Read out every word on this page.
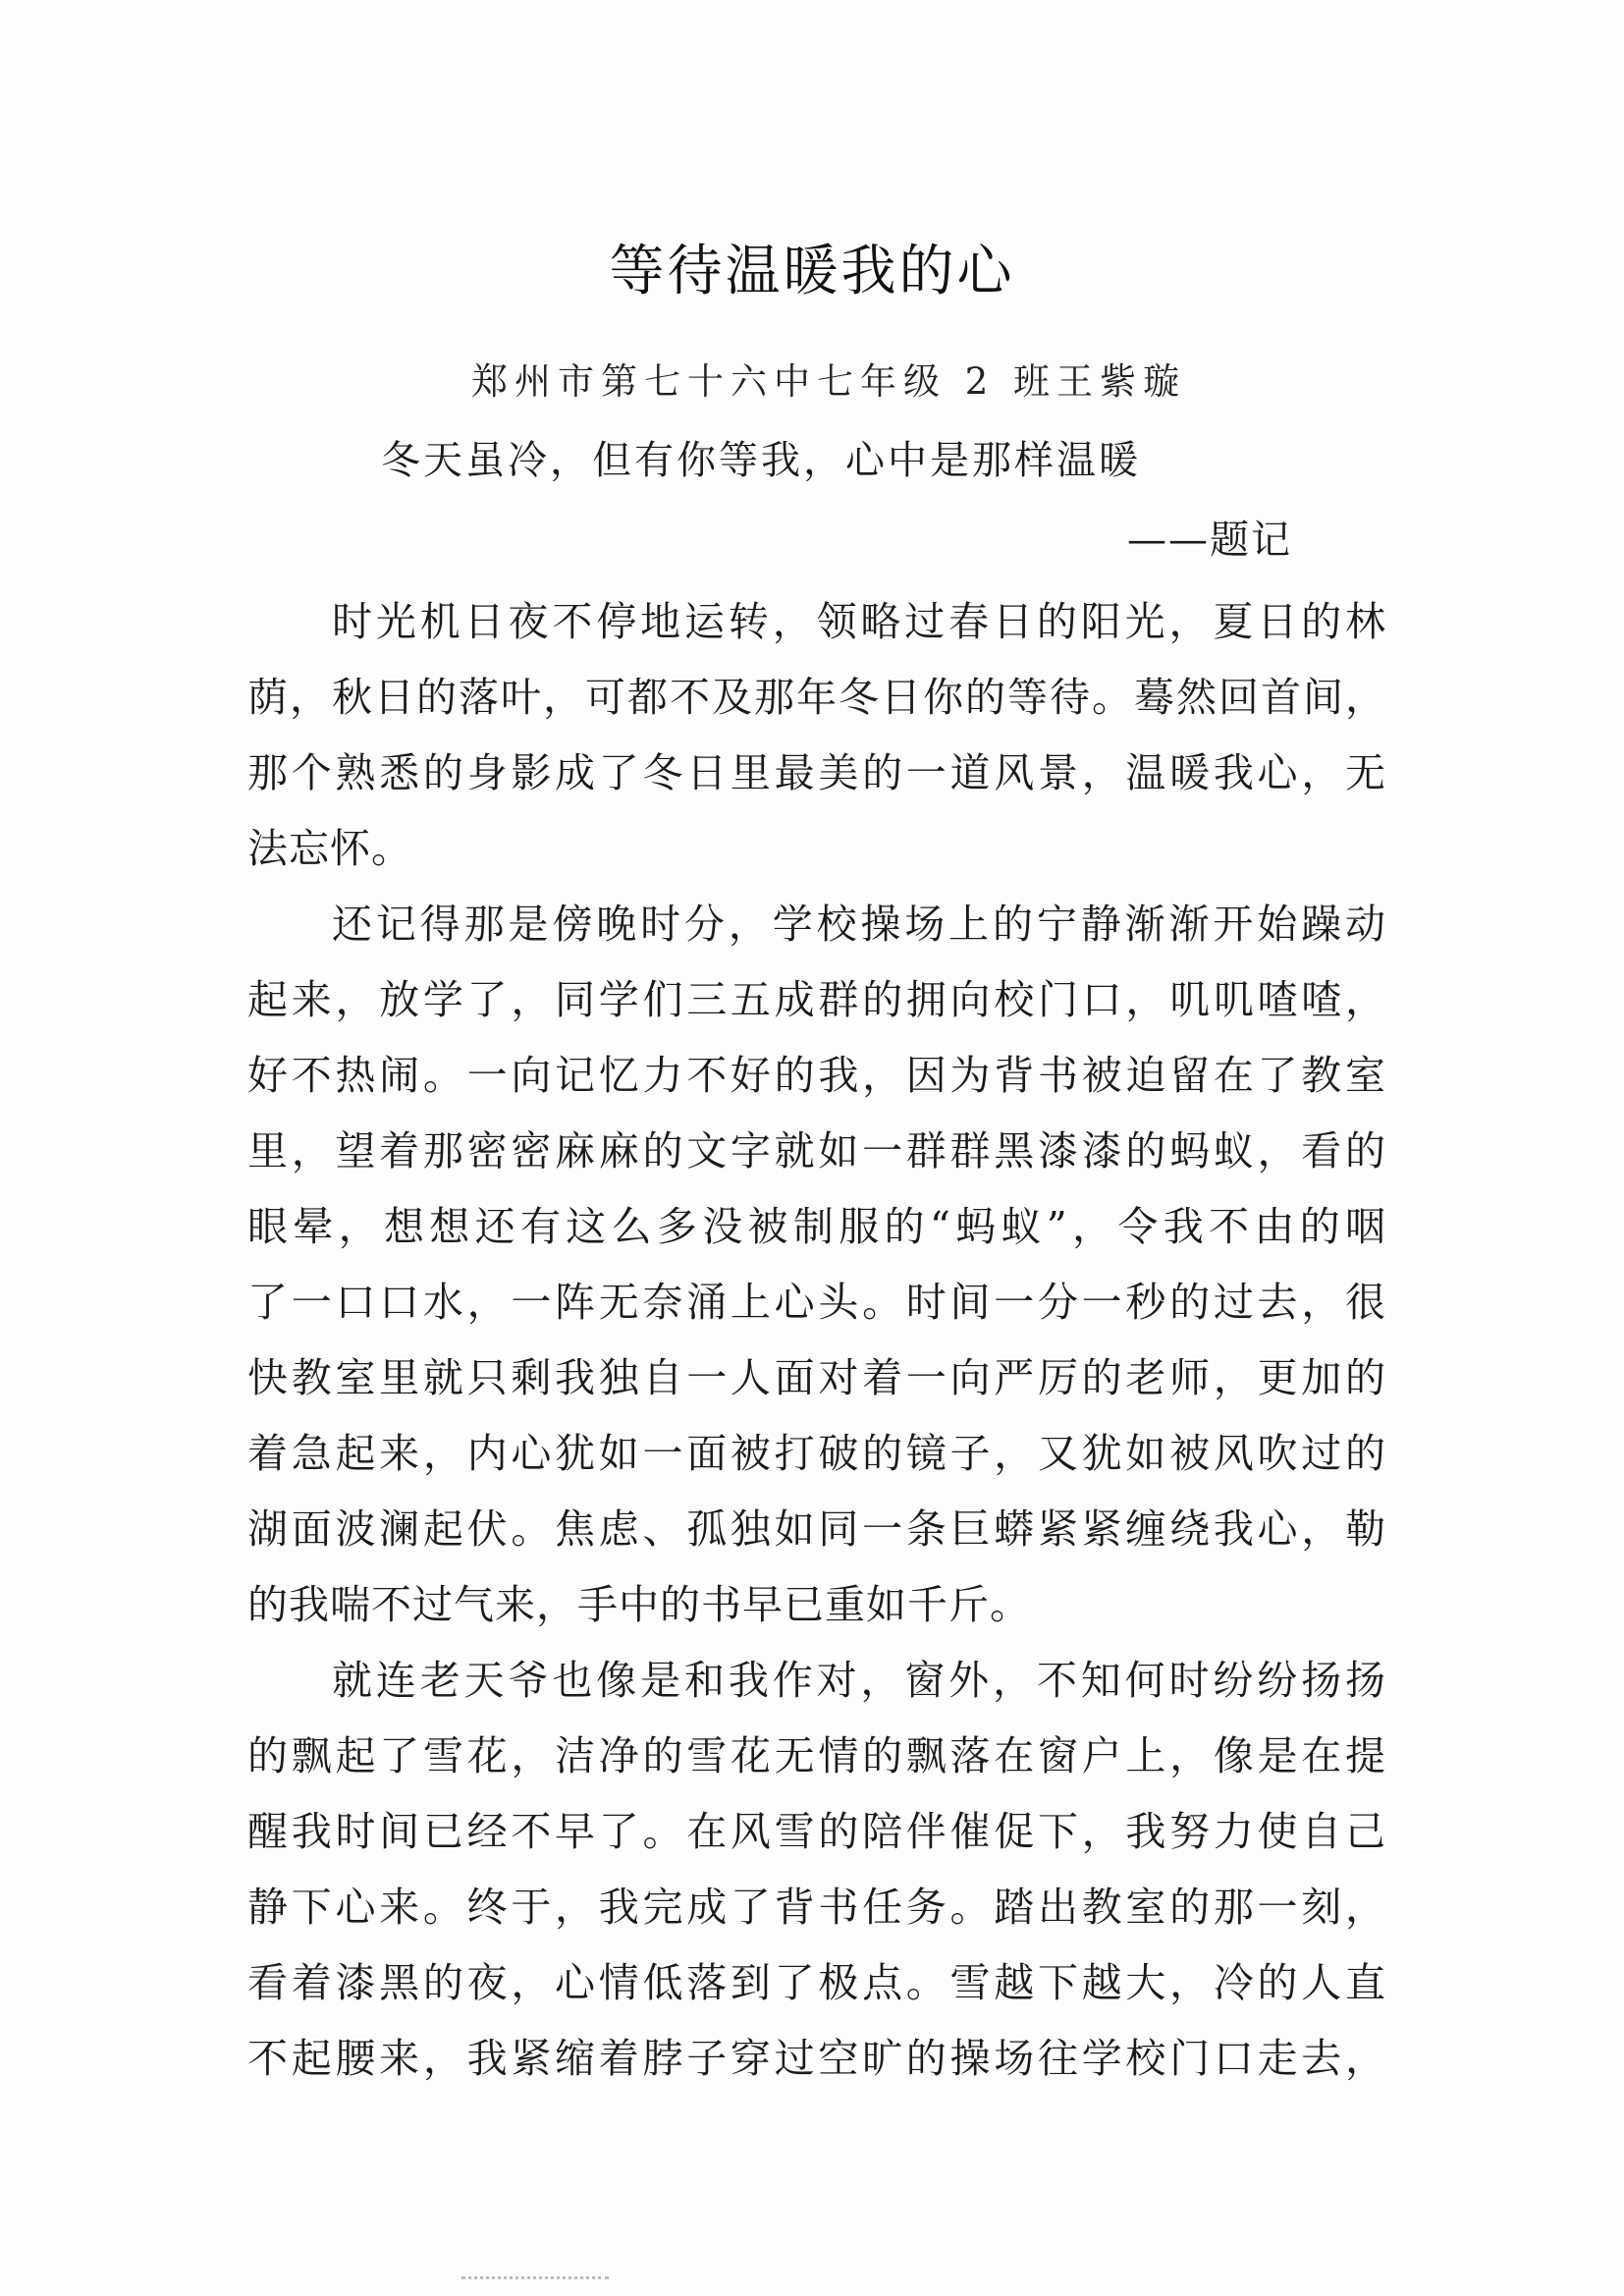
等待温暖我的心
郑州市第七十六中七年级 2 班王紫璇
冬天虽冷，但有你等我，心中是那样温暖
——题记
时光机日夜不停地运转，领略过春日的阳光，夏日的林
荫，秋日的落叶，可都不及那年冬日你的等待。蓦然回首间，
那个熟悉的身影成了冬日里最美的一道风景，温暖我心，无
法忘怀。
还记得那是傍晚时分，学校操场上的宁静渐渐开始躁动
起来，放学了，同学们三五成群的拥向校门口，叽叽喳喳，
好不热闹。一向记忆力不好的我，因为背书被迫留在了教室
里，望着那密密麻麻的文字就如一群群黑漆漆的蚂蚁，看的
眼晕，想想还有这么多没被制服的“蚂蚁”，令我不由的咽
了一口口水，一阵无奈涌上心头。时间一分一秒的过去，很
快教室里就只剩我独自一人面对着一向严厉的老师，更加的
着急起来，内心犹如一面被打破的镜子，又犹如被风吹过的
湖面波澜起伏。焦虑、孤独如同一条巨蟒紧紧缠绕我心，勒
的我喘不过气来，手中的书早已重如千斤。
就连老天爷也像是和我作对，窗外，不知何时纷纷扬扬
的飘起了雪花，洁净的雪花无情的飘落在窗户上，像是在提
醒我时间已经不早了。在风雪的陪伴催促下，我努力使自己
静下心来。终于，我完成了背书任务。踏出教室的那一刻，
看着漆黑的夜，心情低落到了极点。雪越下越大，冷的人直
不起腰来，我紧缩着脖子穿过空旷的操场往学校门口走去，
